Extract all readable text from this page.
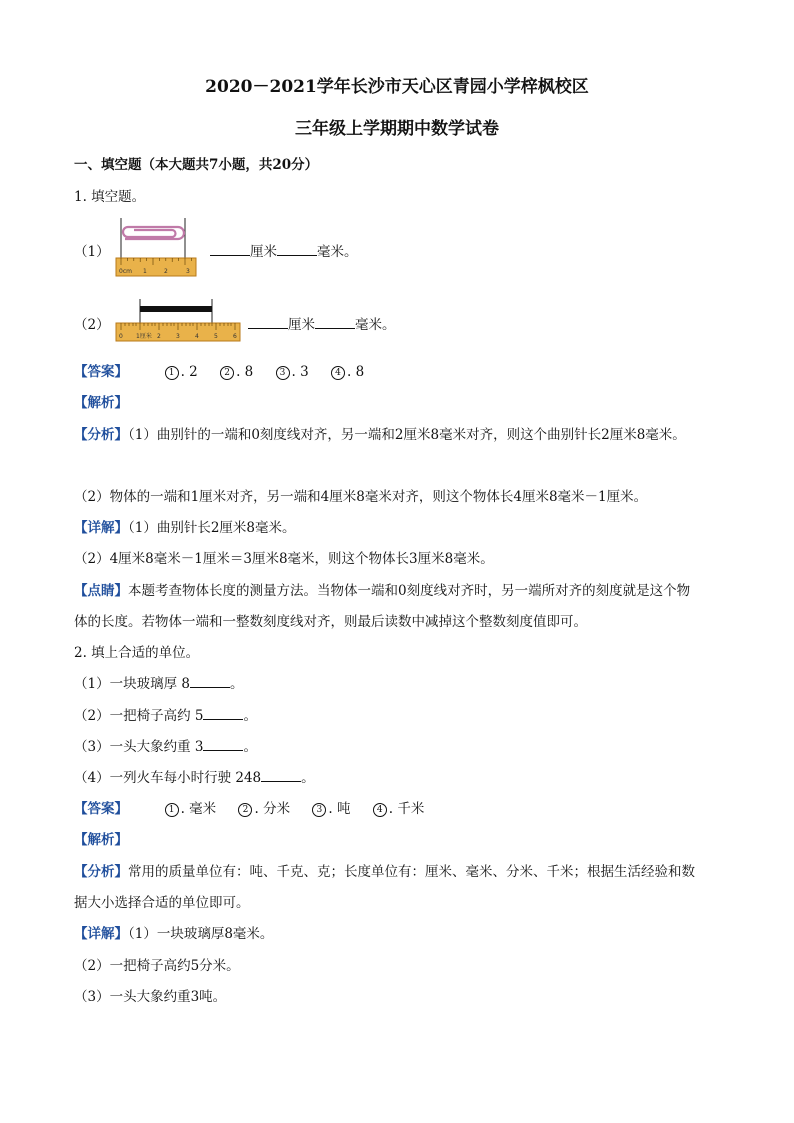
2020－2021学年长沙市天心区青园小学梓枫校区
三年级上学期期中数学试卷
一、填空题（本大题共7小题，共20分）
1. 填空题。
（1）
0cm 1	2	3
厘米	毫米。
（2）
0 1厘米 2	3	4	5	6
厘米	毫米。
【答案】	1 . 2	2 . 8	3 . 3	4 . 8
【解析】
【分析】（1）曲别针的一端和0刻度线对齐，另一端和2厘米8毫米对齐，则这个曲别针长2厘米8毫米。
（2）物体的一端和1厘米对齐，另一端和4厘米8毫米对齐，则这个物体长4厘米8毫米－1厘米。
【详解】（1）曲别针长2厘米8毫米。
（2）4厘米8毫米－1厘米＝3厘米8毫米，则这个物体长3厘米8毫米。
【点睛】本题考查物体长度的测量方法。当物体一端和0刻度线对齐时，另一端所对齐的刻度就是这个物
体的长度。若物体一端和一整数刻度线对齐，则最后读数中减掉这个整数刻度值即可。
2. 填上合适的单位。
（1）一块玻璃厚 8	。
（2）一把椅子高约 5	。
（3）一头大象约重 3	。
（4）一列火车每小时行驶 248	。
【答案】	1 . 毫米	2 . 分米	3 . 吨	4 . 千米
【解析】
【分析】常用的质量单位有：吨、千克、克；长度单位有：厘米、毫米、分米、千米；根据生活经验和数
据大小选择合适的单位即可。
【详解】（1）一块玻璃厚8毫米。
（2）一把椅子高约5分米。
（3）一头大象约重3吨。
